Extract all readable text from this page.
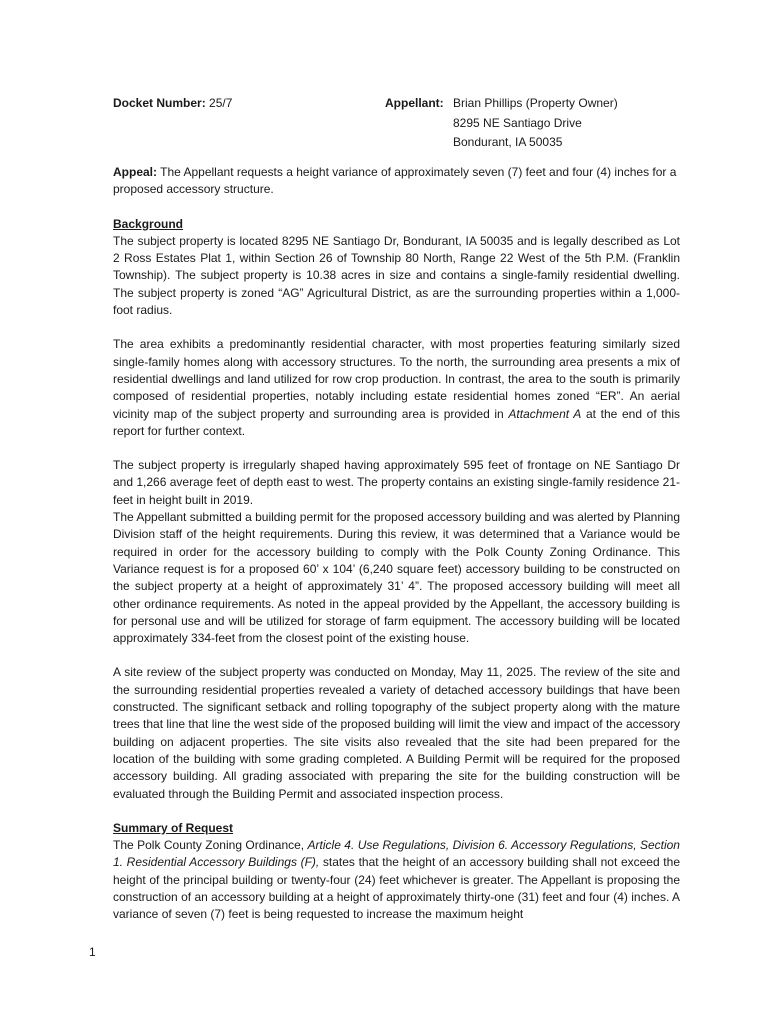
Docket Number: 25/7	Appellant: Brian Phillips (Property Owner)
8295 NE Santiago Drive
Bondurant, IA 50035

Appeal: The Appellant requests a height variance of approximately seven (7) feet and four (4) inches for a proposed accessory structure.

Background

The subject property is located 8295 NE Santiago Dr, Bondurant, IA 50035 and is legally described as Lot 2 Ross Estates Plat 1, within Section 26 of Township 80 North, Range 22 West of the 5th P.M. (Franklin Township). The subject property is 10.38 acres in size and contains a single-family residential dwelling. The subject property is zoned “AG” Agricultural District, as are the surrounding properties within a 1,000-foot radius.

The area exhibits a predominantly residential character, with most properties featuring similarly sized single-family homes along with accessory structures. To the north, the surrounding area presents a mix of residential dwellings and land utilized for row crop production. In contrast, the area to the south is primarily composed of residential properties, notably including estate residential homes zoned “ER”. An aerial vicinity map of the subject property and surrounding area is provided in Attachment A at the end of this report for further context.

The subject property is irregularly shaped having approximately 595 feet of frontage on NE Santiago Dr and 1,266 average feet of depth east to west. The property contains an existing single-family residence 21-feet in height built in 2019.

The Appellant submitted a building permit for the proposed accessory building and was alerted by Planning Division staff of the height requirements. During this review, it was determined that a Variance would be required in order for the accessory building to comply with the Polk County Zoning Ordinance. This Variance request is for a proposed 60’ x 104’ (6,240 square feet) accessory building to be constructed on the subject property at a height of approximately 31’ 4”. The proposed accessory building will meet all other ordinance requirements. As noted in the appeal provided by the Appellant, the accessory building is for personal use and will be utilized for storage of farm equipment. The accessory building will be located approximately 334-feet from the closest point of the existing house.

A site review of the subject property was conducted on Monday, May 11, 2025. The review of the site and the surrounding residential properties revealed a variety of detached accessory buildings that have been constructed. The significant setback and rolling topography of the subject property along with the mature trees that line that line the west side of the proposed building will limit the view and impact of the accessory building on adjacent properties. The site visits also revealed that the site had been prepared for the location of the building with some grading completed. A Building Permit will be required for the proposed accessory building. All grading associated with preparing the site for the building construction will be evaluated through the Building Permit and associated inspection process.

Summary of Request

The Polk County Zoning Ordinance, Article 4. Use Regulations, Division 6. Accessory Regulations, Section 1. Residential Accessory Buildings (F), states that the height of an accessory building shall not exceed the height of the principal building or twenty-four (24) feet whichever is greater. The Appellant is proposing the construction of an accessory building at a height of approximately thirty-one (31) feet and four (4) inches. A variance of seven (7) feet is being requested to increase the maximum height

1
